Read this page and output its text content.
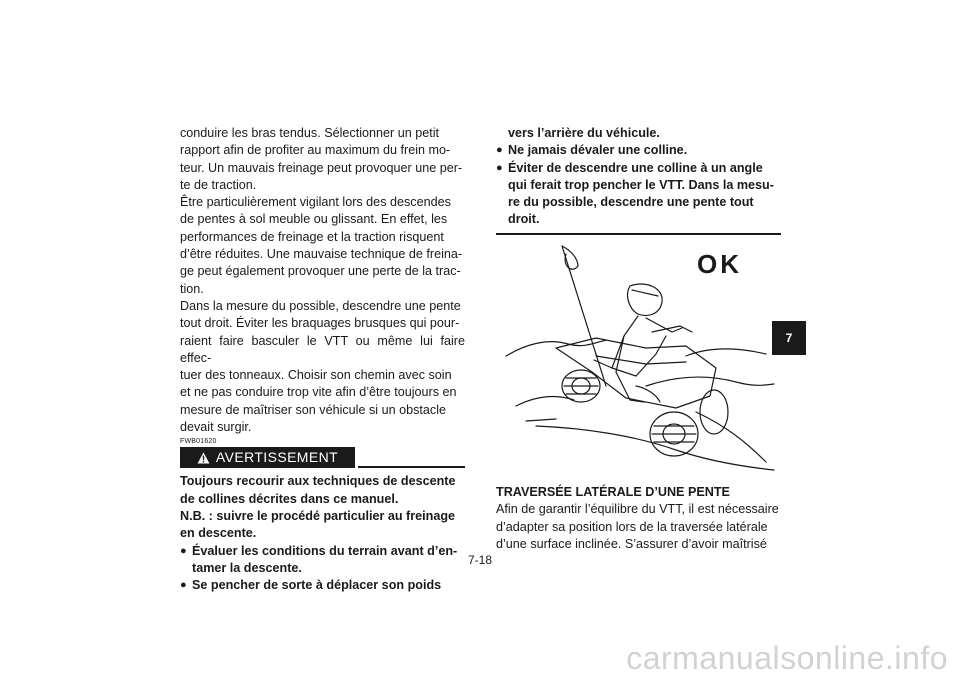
conduire les bras tendus. Sélectionner un petit
rapport afin de profiter au maximum du frein mo-
teur. Un mauvais freinage peut provoquer une per-
te de traction.

Être particulièrement vigilant lors des descendes
de pentes à sol meuble ou glissant. En effet, les
performances de freinage et la traction risquent
d’être réduites. Une mauvaise technique de freina-
ge peut également provoquer une perte de la trac-
tion.

Dans la mesure du possible, descendre une pente
tout droit. Éviter les braquages brusques qui pour-
raient faire basculer le VTT ou même lui faire effec-
tuer des tonneaux. Choisir son chemin avec soin
et ne pas conduire trop vite afin d’être toujours en
mesure de maîtriser son véhicule si un obstacle
devait surgir.

FWB01620
AVERTISSEMENT
Toujours recourir aux techniques de descente
de collines décrites dans ce manuel.
N.B. : suivre le procédé particulier au freinage
en descente.
● Évaluer les conditions du terrain avant d’en-
tamer la descente.
● Se pencher de sorte à déplacer son poids
vers l’arrière du véhicule.
● Ne jamais dévaler une colline.
● Éviter de descendre une colline à un angle
qui ferait trop pencher le VTT. Dans la mesu-
re du possible, descendre une pente tout
droit.
OK

TRAVERSÉE LATÉRALE D’UNE PENTE

Afin de garantir l’équilibre du VTT, il est nécessaire
d’adapter sa position lors de la traversée latérale
d’une surface inclinée. S’assurer d’avoir maîtrisé

7
7-18
carmanualsonline.info
